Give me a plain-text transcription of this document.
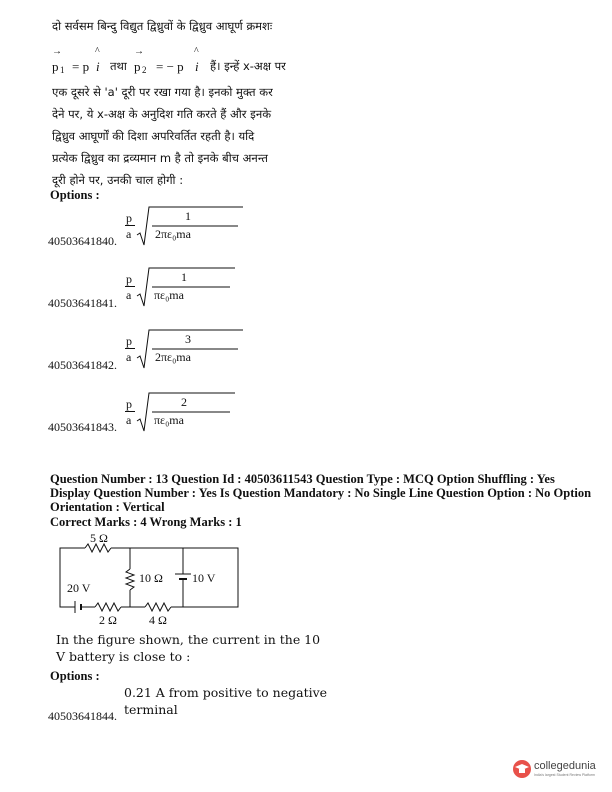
दो सर्वसम बिन्दु विद्युत द्विध्रुवों के द्विध्रुव आघूर्ण क्रमशः
→
p 1 = p
^
i तथा
→
p 2 = − p
^
i हैं। इन्हें x-अक्ष पर
एक दूसरे से 'a' दूरी पर रखा गया है। इनको मुक्त कर
देने पर, ये x-अक्ष के अनुदिश गति करते हैं और इनके
द्विध्रुव आघूर्णों की दिशा अपरिवर्तित रहती है। यदि
प्रत्येक द्विध्रुव का द्रव्यमान m है तो इनके बीच अनन्त
दूरी होने पर, उनकी चाल होगी :
Options :
40503641840.
p
a
1
2πε₀ma
40503641841.
p
a
1
πε₀ma
40503641842.
p
a
3
2πε₀ma
40503641843.
p
a
2
πε₀ma
Question Number : 13 Question Id : 40503611543 Question Type : MCQ Option Shuffling : Yes
Display Question Number : Yes Is Question Mandatory : No Single Line Question Option : No Option
Orientation : Vertical
Correct Marks : 4 Wrong Marks : 1
5 Ω
10 Ω 10 V
20 V
2 Ω	4 Ω
In the figure shown, the current in the 10
V battery is close to :
Options :
40503641844.
0.21 A from positive to negative
terminal
collegedunia
India's largest Student Review Platform
